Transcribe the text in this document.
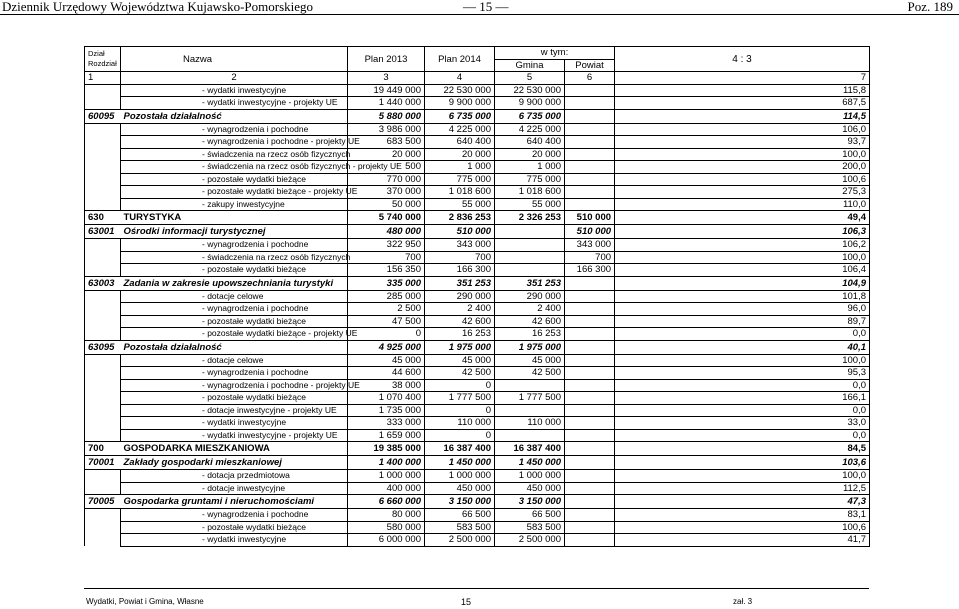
Dziennik Urzędowy Województwa Kujawsko-Pomorskiego	— 15 —	Poz. 189
Dział
Rozdział	Nazwa	Plan 2013	Plan 2014	w tym:		4 : 3
				Gmina	Powiat	
1	2	3	4	5	6	7
	- wydatki inwestycyjne	19 449 000	22 530 000	22 530 000		115,8
	- wydatki inwestycyjne - projekty UE	1 440 000	9 900 000	9 900 000		687,5
60095	Pozostała działalność	5 880 000	6 735 000	6 735 000		114,5
	- wynagrodzenia i pochodne	3 986 000	4 225 000	4 225 000		106,0
	- wynagrodzenia i pochodne - projekty UE	683 500	640 400	640 400		93,7
	- świadczenia na rzecz osób fizycznych	20 000	20 000	20 000		100,0
	- świadczenia na rzecz osób fizycznych - projekty UE	500	1 000	1 000		200,0
	- pozostałe wydatki bieżące	770 000	775 000	775 000		100,6
	- pozostałe wydatki bieżące - projekty UE	370 000	1 018 600	1 018 600		275,3
	- zakupy inwestycyjne	50 000	55 000	55 000		110,0
630	TURYSTYKA	5 740 000	2 836 253	2 326 253	510 000	49,4
63001	Ośrodki informacji turystycznej	480 000	510 000		510 000	106,3
	- wynagrodzenia i pochodne	322 950	343 000		343 000	106,2
	- świadczenia na rzecz osób fizycznych	700	700		700	100,0
	- pozostałe wydatki bieżące	156 350	166 300		166 300	106,4
63003	Zadania w zakresie upowszechniania turystyki	335 000	351 253	351 253		104,9
	- dotacje celowe	285 000	290 000	290 000		101,8
	- wynagrodzenia i pochodne	2 500	2 400	2 400		96,0
	- pozostałe wydatki bieżące	47 500	42 600	42 600		89,7
	- pozostałe wydatki bieżące - projekty UE	0	16 253	16 253		0,0
63095	Pozostała działalność	4 925 000	1 975 000	1 975 000		40,1
	- dotacje celowe	45 000	45 000	45 000		100,0
	- wynagrodzenia i pochodne	44 600	42 500	42 500		95,3
	- wynagrodzenia i pochodne - projekty UE	38 000	0			0,0
	- pozostałe wydatki bieżące	1 070 400	1 777 500	1 777 500		166,1
	- dotacje inwestycyjne - projekty UE	1 735 000	0			0,0
	- wydatki inwestycyjne	333 000	110 000	110 000		33,0
	- wydatki inwestycyjne - projekty UE	1 659 000	0			0,0
700	GOSPODARKA MIESZKANIOWA	19 385 000	16 387 400	16 387 400		84,5
70001	Zakłady gospodarki mieszkaniowej	1 400 000	1 450 000	1 450 000		103,6
	- dotacja przedmiotowa	1 000 000	1 000 000	1 000 000		100,0
	- dotacje inwestycyjne	400 000	450 000	450 000		112,5
70005	Gospodarka gruntami i nieruchomościami	6 660 000	3 150 000	3 150 000		47,3
	- wynagrodzenia i pochodne	80 000	66 500	66 500		83,1
	- pozostałe wydatki bieżące	580 000	583 500	583 500		100,6
	- wydatki inwestycyjne	6 000 000	2 500 000	2 500 000		41,7
Wydatki, Powiat i Gmina, Własne	15	zał. 3
